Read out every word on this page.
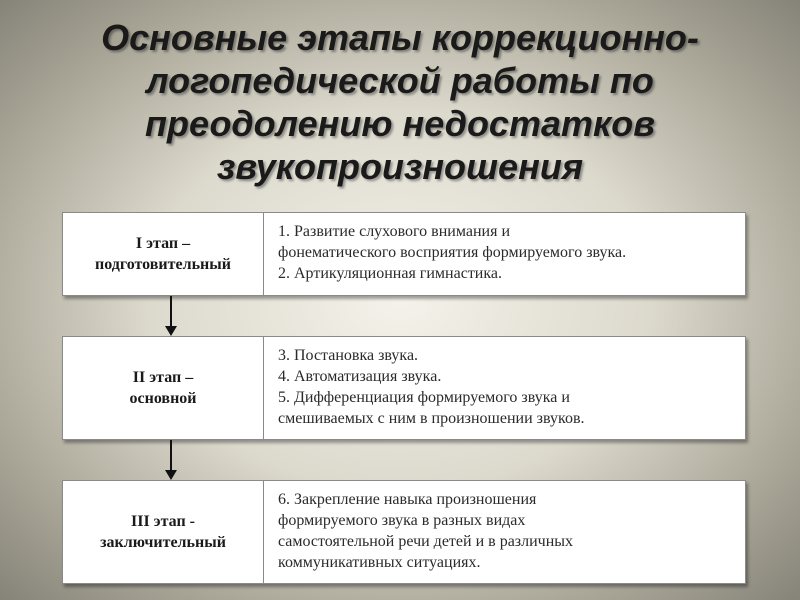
Основные этапы коррекционно-
логопедической работы по
преодолению недостатков
звукопроизношения
I этап –
подготовительный
1. Развитие слухового внимания и
фонематического восприятия формируемого звука.
2. Артикуляционная гимнастика.
II этап –
основной
3. Постановка звука.
4. Автоматизация звука.
5. Дифференциация формируемого звука и
смешиваемых с ним в произношении звуков.
III этап -
заключительный
6. Закрепление навыка произношения
формируемого звука в разных видах
самостоятельной речи детей и в различных
коммуникативных ситуациях.
